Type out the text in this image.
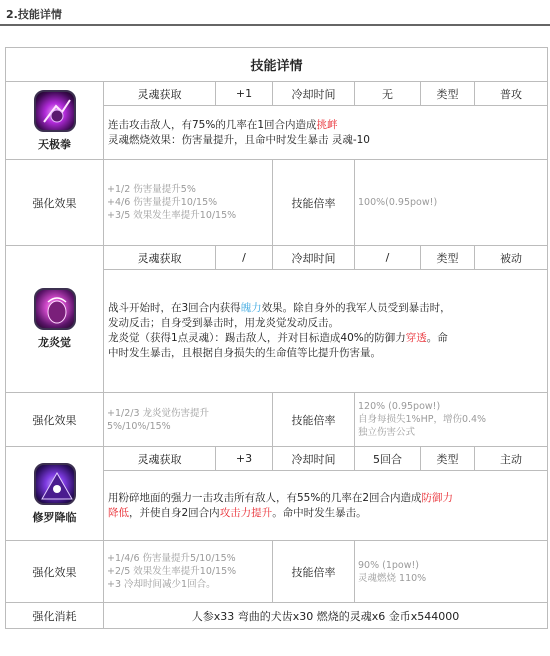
2.技能详情
技能详情						

天极拳	灵魂获取	+1	冷却时间	无	类型	普攻

	连击攻击敌人，有75%的几率在1回合内造成挑衅
灵魂燃烧效果：伤害量提升，且命中时发生暴击 灵魂-10					

强化效果	+1/2 伤害量提升5%
+4/6 伤害量提升10/15%
+3/5 效果发生率提升10/15%		技能倍率	100%(0.95pow!)		

龙炎觉	灵魂获取	/	冷却时间	/	类型	被动

	战斗开始时，在3回合内获得魄力效果。除自身外的我军人员受到暴击时，
发动反击；自身受到暴击时，用龙炎觉发动反击。
龙炎觉（获得1点灵魂）：踢击敌人，并对目标造成40%的防御力穿透。命
中时发生暴击，且根据自身损失的生命值等比提升伤害量。					

强化效果	+1/2/3 龙炎觉伤害提升
5%/10%/15%		技能倍率	120% (0.95pow!)
自身每损失1%HP，增伤0.4%
独立伤害公式		

修罗降临	灵魂获取	+3	冷却时间	5回合	类型	主动

	用粉碎地面的强力一击攻击所有敌人，有55%的几率在2回合内造成防御力
降低，并使自身2回合内攻击力提升。命中时发生暴击。					

强化效果	+1/4/6 伤害量提升5/10/15%
+2/5 效果发生率提升10/15%
+3 冷却时间减少1回合。		技能倍率	90% (1pow!)
灵魂燃烧 110%		

强化消耗	人参x33 弯曲的犬齿x30 燃烧的灵魂x6 金币x544000					
